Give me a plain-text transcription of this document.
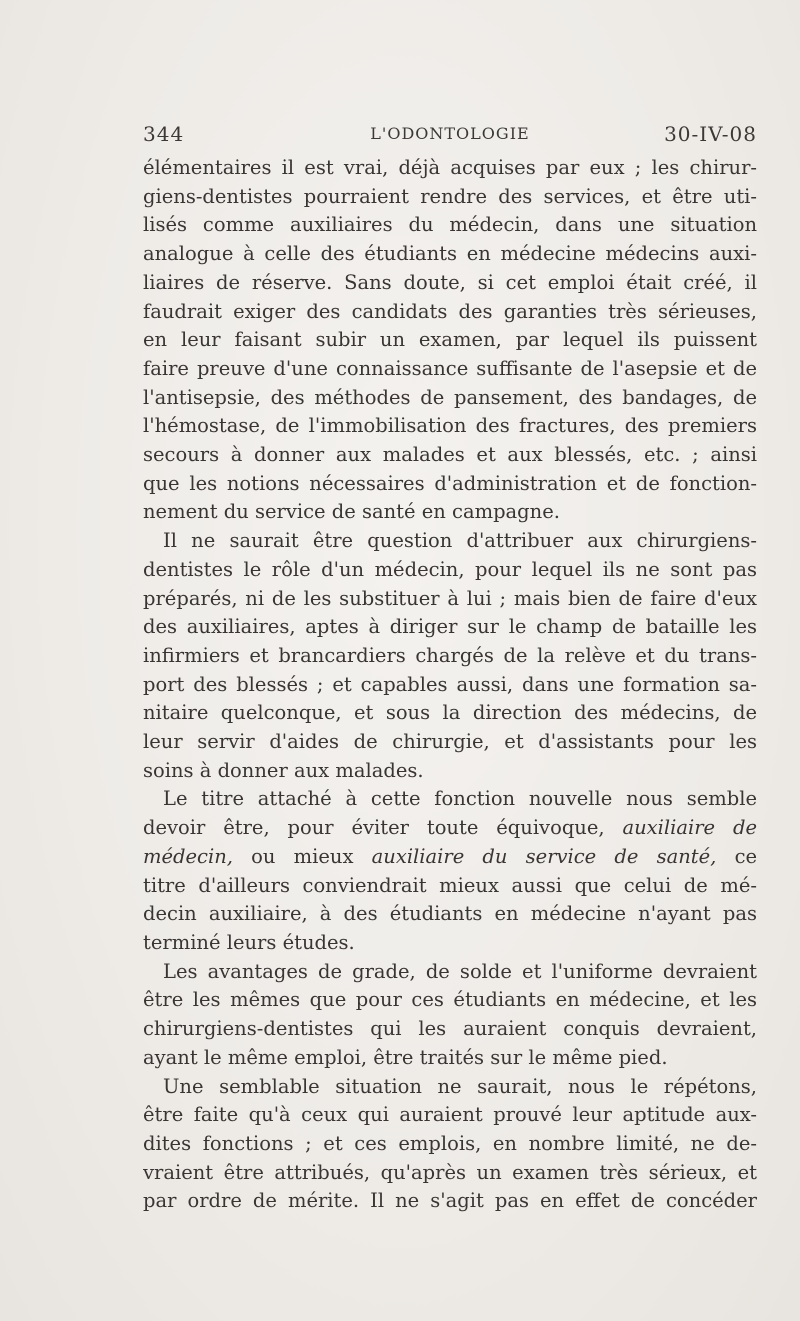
344	L'ODONTOLOGIE	30-IV-08

élémentaires il est vrai, déjà acquises par eux ; les chirur-

giens-dentistes pourraient rendre des services, et être uti-

lisés comme auxiliaires du médecin, dans une situation

analogue à celle des étudiants en médecine médecins auxi-

liaires de réserve. Sans doute, si cet emploi était créé, il

faudrait exiger des candidats des garanties très sérieuses,

en leur faisant subir un examen, par lequel ils puissent

faire preuve d'une connaissance suffisante de l'asepsie et de

l'antisepsie, des méthodes de pansement, des bandages, de

l'hémostase, de l'immobilisation des fractures, des premiers

secours à donner aux malades et aux blessés, etc. ; ainsi

que les notions nécessaires d'administration et de fonction-

nement du service de santé en campagne.

Il ne saurait être question d'attribuer aux chirurgiens-

dentistes le rôle d'un médecin, pour lequel ils ne sont pas

préparés, ni de les substituer à lui ; mais bien de faire d'eux

des auxiliaires, aptes à diriger sur le champ de bataille les

infirmiers et brancardiers chargés de la relève et du trans-

port des blessés ; et capables aussi, dans une formation sa-

nitaire quelconque, et sous la direction des médecins, de

leur servir d'aides de chirurgie, et d'assistants pour les

soins à donner aux malades.

Le titre attaché à cette fonction nouvelle nous semble

devoir être, pour éviter toute équivoque, auxiliaire de

médecin, ou mieux auxiliaire du service de santé, ce

titre d'ailleurs conviendrait mieux aussi que celui de mé-

decin auxiliaire, à des étudiants en médecine n'ayant pas

terminé leurs études.

Les avantages de grade, de solde et l'uniforme devraient

être les mêmes que pour ces étudiants en médecine, et les

chirurgiens-dentistes qui les auraient conquis devraient,

ayant le même emploi, être traités sur le même pied.

Une semblable situation ne saurait, nous le répétons,

être faite qu'à ceux qui auraient prouvé leur aptitude aux-

dites fonctions ; et ces emplois, en nombre limité, ne de-

vraient être attribués, qu'après un examen très sérieux, et

par ordre de mérite. Il ne s'agit pas en effet de concéder
